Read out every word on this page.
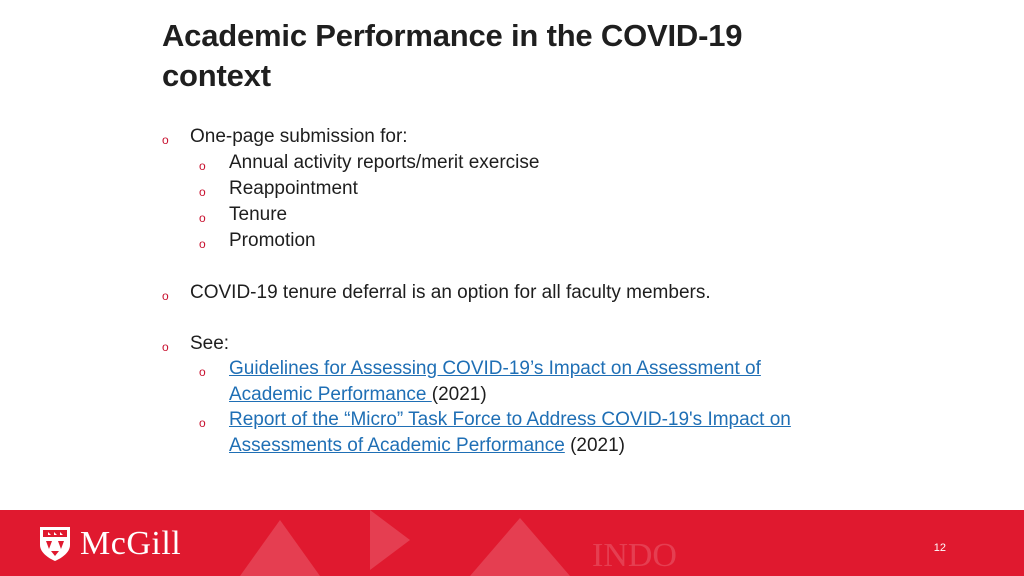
Academic Performance in the COVID-19 context
o One-page submission for:
o Annual activity reports/merit exercise
o Reappointment
o Tenure
o Promotion
o COVID-19 tenure deferral is an option for all faculty members.
o See:
o Guidelines for Assessing COVID-19’s Impact on Assessment of
Academic Performance (2021)
o Report of the “Micro” Task Force to Address COVID-19's Impact on
Assessments of Academic Performance (2021)
INDO
McGill	12
